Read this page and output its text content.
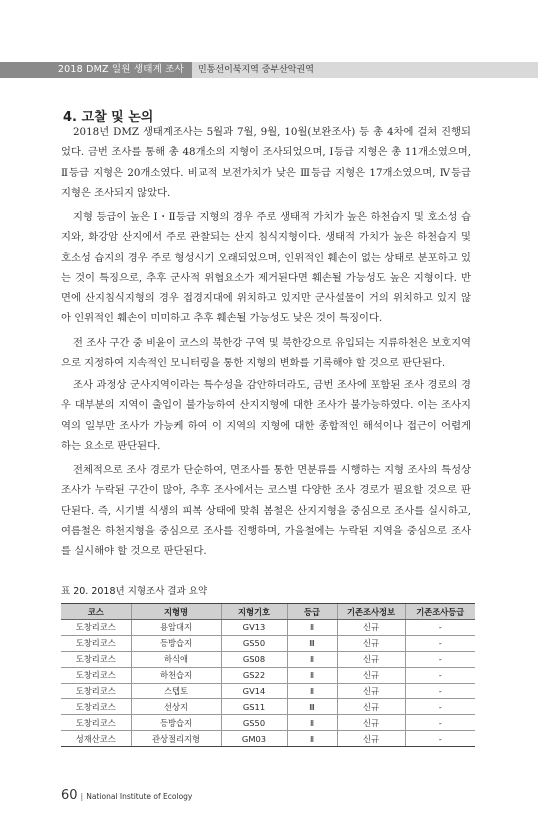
2018 DMZ 일원 생태계 조사	민통선이북지역 중부산악권역
4. 고찰 및 논의

2018년 DMZ 생태계조사는 5월과 7월, 9월, 10월(보완조사) 등 총 4차에 걸쳐 진행되었다. 금번 조사를 통해 총 48개소의 지형이 조사되었으며, Ⅰ등급 지형은 총 11개소였으며, Ⅱ등급 지형은 20개소였다. 비교적 보전가치가 낮은 Ⅲ등급 지형은 17개소였으며, Ⅳ등급 지형은 조사되지 않았다.

지형 등급이 높은 Ⅰ・Ⅱ등급 지형의 경우 주로 생태적 가치가 높은 하천습지 및 호소성 습지와, 화강암 산지에서 주로 관찰되는 산지 침식지형이다. 생태적 가치가 높은 하천습지 및 호소성 습지의 경우 주로 형성시기 오래되었으며, 인위적인 훼손이 없는 상태로 분포하고 있는 것이 특징으로, 추후 군사적 위협요소가 제거된다면 훼손될 가능성도 높은 지형이다. 반면에 산지침식지형의 경우 접경지대에 위치하고 있지만 군사설물이 거의 위치하고 있지 않아 인위적인 훼손이 미미하고 추후 훼손될 가능성도 낮은 것이 특징이다.

전 조사 구간 중 비윤이 코스의 북한강 구역 및 북한강으로 유입되는 지류하천은 보호지역으로 지정하여 지속적인 모니터링을 통한 지형의 변화를 기록해야 할 것으로 판단된다.

조사 과정상 군사지역이라는 특수성을 감안하더라도, 금번 조사에 포함된 조사 경로의 경우 대부분의 지역이 출입이 불가능하여 산지지형에 대한 조사가 불가능하였다. 이는 조사지역의 일부만 조사가 가능케 하여 이 지역의 지형에 대한 종합적인 해석이나 접근이 어렵게 하는 요소로 판단된다.

전체적으로 조사 경로가 단순하여, 면조사를 통한 면분류를 시행하는 지형 조사의 특성상 조사가 누락된 구간이 많아, 추후 조사에서는 코스별 다양한 조사 경로가 필요할 것으로 판단된다. 즉, 시기별 식생의 피복 상태에 맞춰 봄철은 산지지형을 중심으로 조사를 실시하고, 여름철은 하천지형을 중심으로 조사를 진행하며, 가을철에는 누락된 지역을 중심으로 조사를 실시해야 할 것으로 판단된다.

표 20. 2018년 지형조사 결과 요약
코스	지형명	지형기호	등급	기존조사정보	기존조사등급
도창리코스	용암대지	GV13	Ⅱ	신규	-
도창리코스	등방습지	GS50	Ⅲ	신규	-
도창리코스	하식애	GS08	Ⅱ	신규	-
도창리코스	하천습지	GS22	Ⅱ	신규	-
도창리코스	스텝토	GV14	Ⅱ	신규	-
도창리코스	선상지	GS11	Ⅲ	신규	-
도창리코스	등방습지	GS50	Ⅱ	신규	-
성재산코스	관상절리지형	GM03	Ⅱ	신규	-
60 | National Institute of Ecology
